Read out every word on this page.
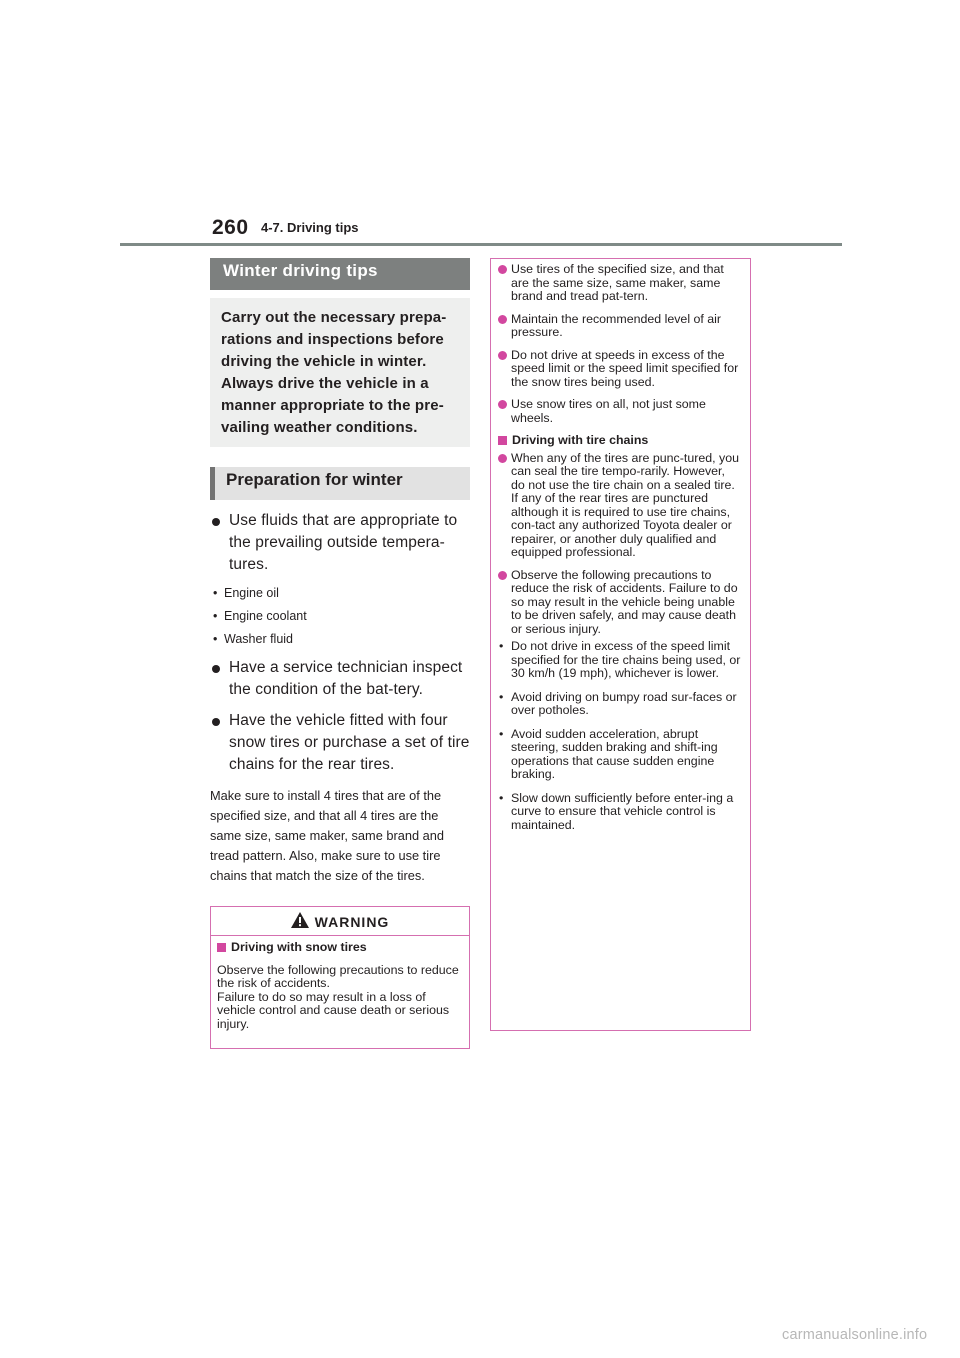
260 4-7. Driving tips
Winter driving tips
Carry out the necessary prepa-rations and inspections before driving the vehicle in winter. Always drive the vehicle in a manner appropriate to the pre-vailing weather conditions.
Preparation for winter
Use fluids that are appropriate to the prevailing outside tempera-tures.
• Engine oil
• Engine coolant
• Washer fluid
Have a service technician inspect the condition of the bat-tery.
Have the vehicle fitted with four snow tires or purchase a set of tire chains for the rear tires.

Make sure to install 4 tires that are of the specified size, and that all 4 tires are the same size, same maker, same brand and tread pattern. Also, make sure to use tire chains that match the size of the tires.

WARNING
Driving with snow tires
Observe the following precautions to reduce the risk of accidents.
Failure to do so may result in a loss of vehicle control and cause death or serious injury.
Use tires of the specified size, and that are the same size, same maker, same brand and tread pat-tern.
Maintain the recommended level of air pressure.
Do not drive at speeds in excess of the speed limit or the speed limit specified for the snow tires being used.
Use snow tires on all, not just some wheels.
Driving with tire chains
When any of the tires are punc-tured, you can seal the tire tempo-rarily. However, do not use the tire chain on a sealed tire. If any of the rear tires are punctured although it is required to use tire chains, con-tact any authorized Toyota dealer or repairer, or another duly qualified and equipped professional.
Observe the following precautions to reduce the risk of accidents. Failure to do so may result in the vehicle being unable to be driven safely, and may cause death or serious injury.
• Do not drive in excess of the speed limit specified for the tire chains being used, or 30 km/h (19 mph), whichever is lower.
• Avoid driving on bumpy road sur-faces or over potholes.
• Avoid sudden acceleration, abrupt steering, sudden braking and shift-ing operations that cause sudden engine braking.
• Slow down sufficiently before enter-ing a curve to ensure that vehicle control is maintained.
carmanualsonline.info
